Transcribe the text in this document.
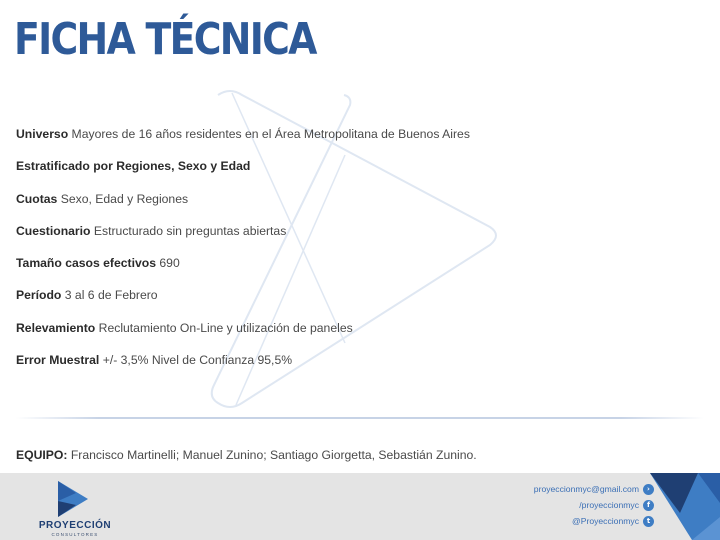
FICHA TÉCNICA
Universo Mayores de 16 años residentes en el Área Metropolitana de Buenos Aires
Estratificado por Regiones, Sexo y Edad
Cuotas Sexo, Edad y Regiones
Cuestionario Estructurado sin preguntas abiertas
Tamaño casos efectivos 690
Período 3 al 6 de Febrero
Relevamiento Reclutamiento On-Line y utilización de paneles
Error Muestral +/- 3,5% Nivel de Confianza 95,5%
EQUIPO: Francisco Martinelli; Manuel Zunino; Santiago Giorgetta, Sebastián Zunino.
PROYECCIÓN
CONSULTORES
proyeccionmyc@gmail.com	›
/proyeccionmyc	f
@Proyeccionmyc	t
